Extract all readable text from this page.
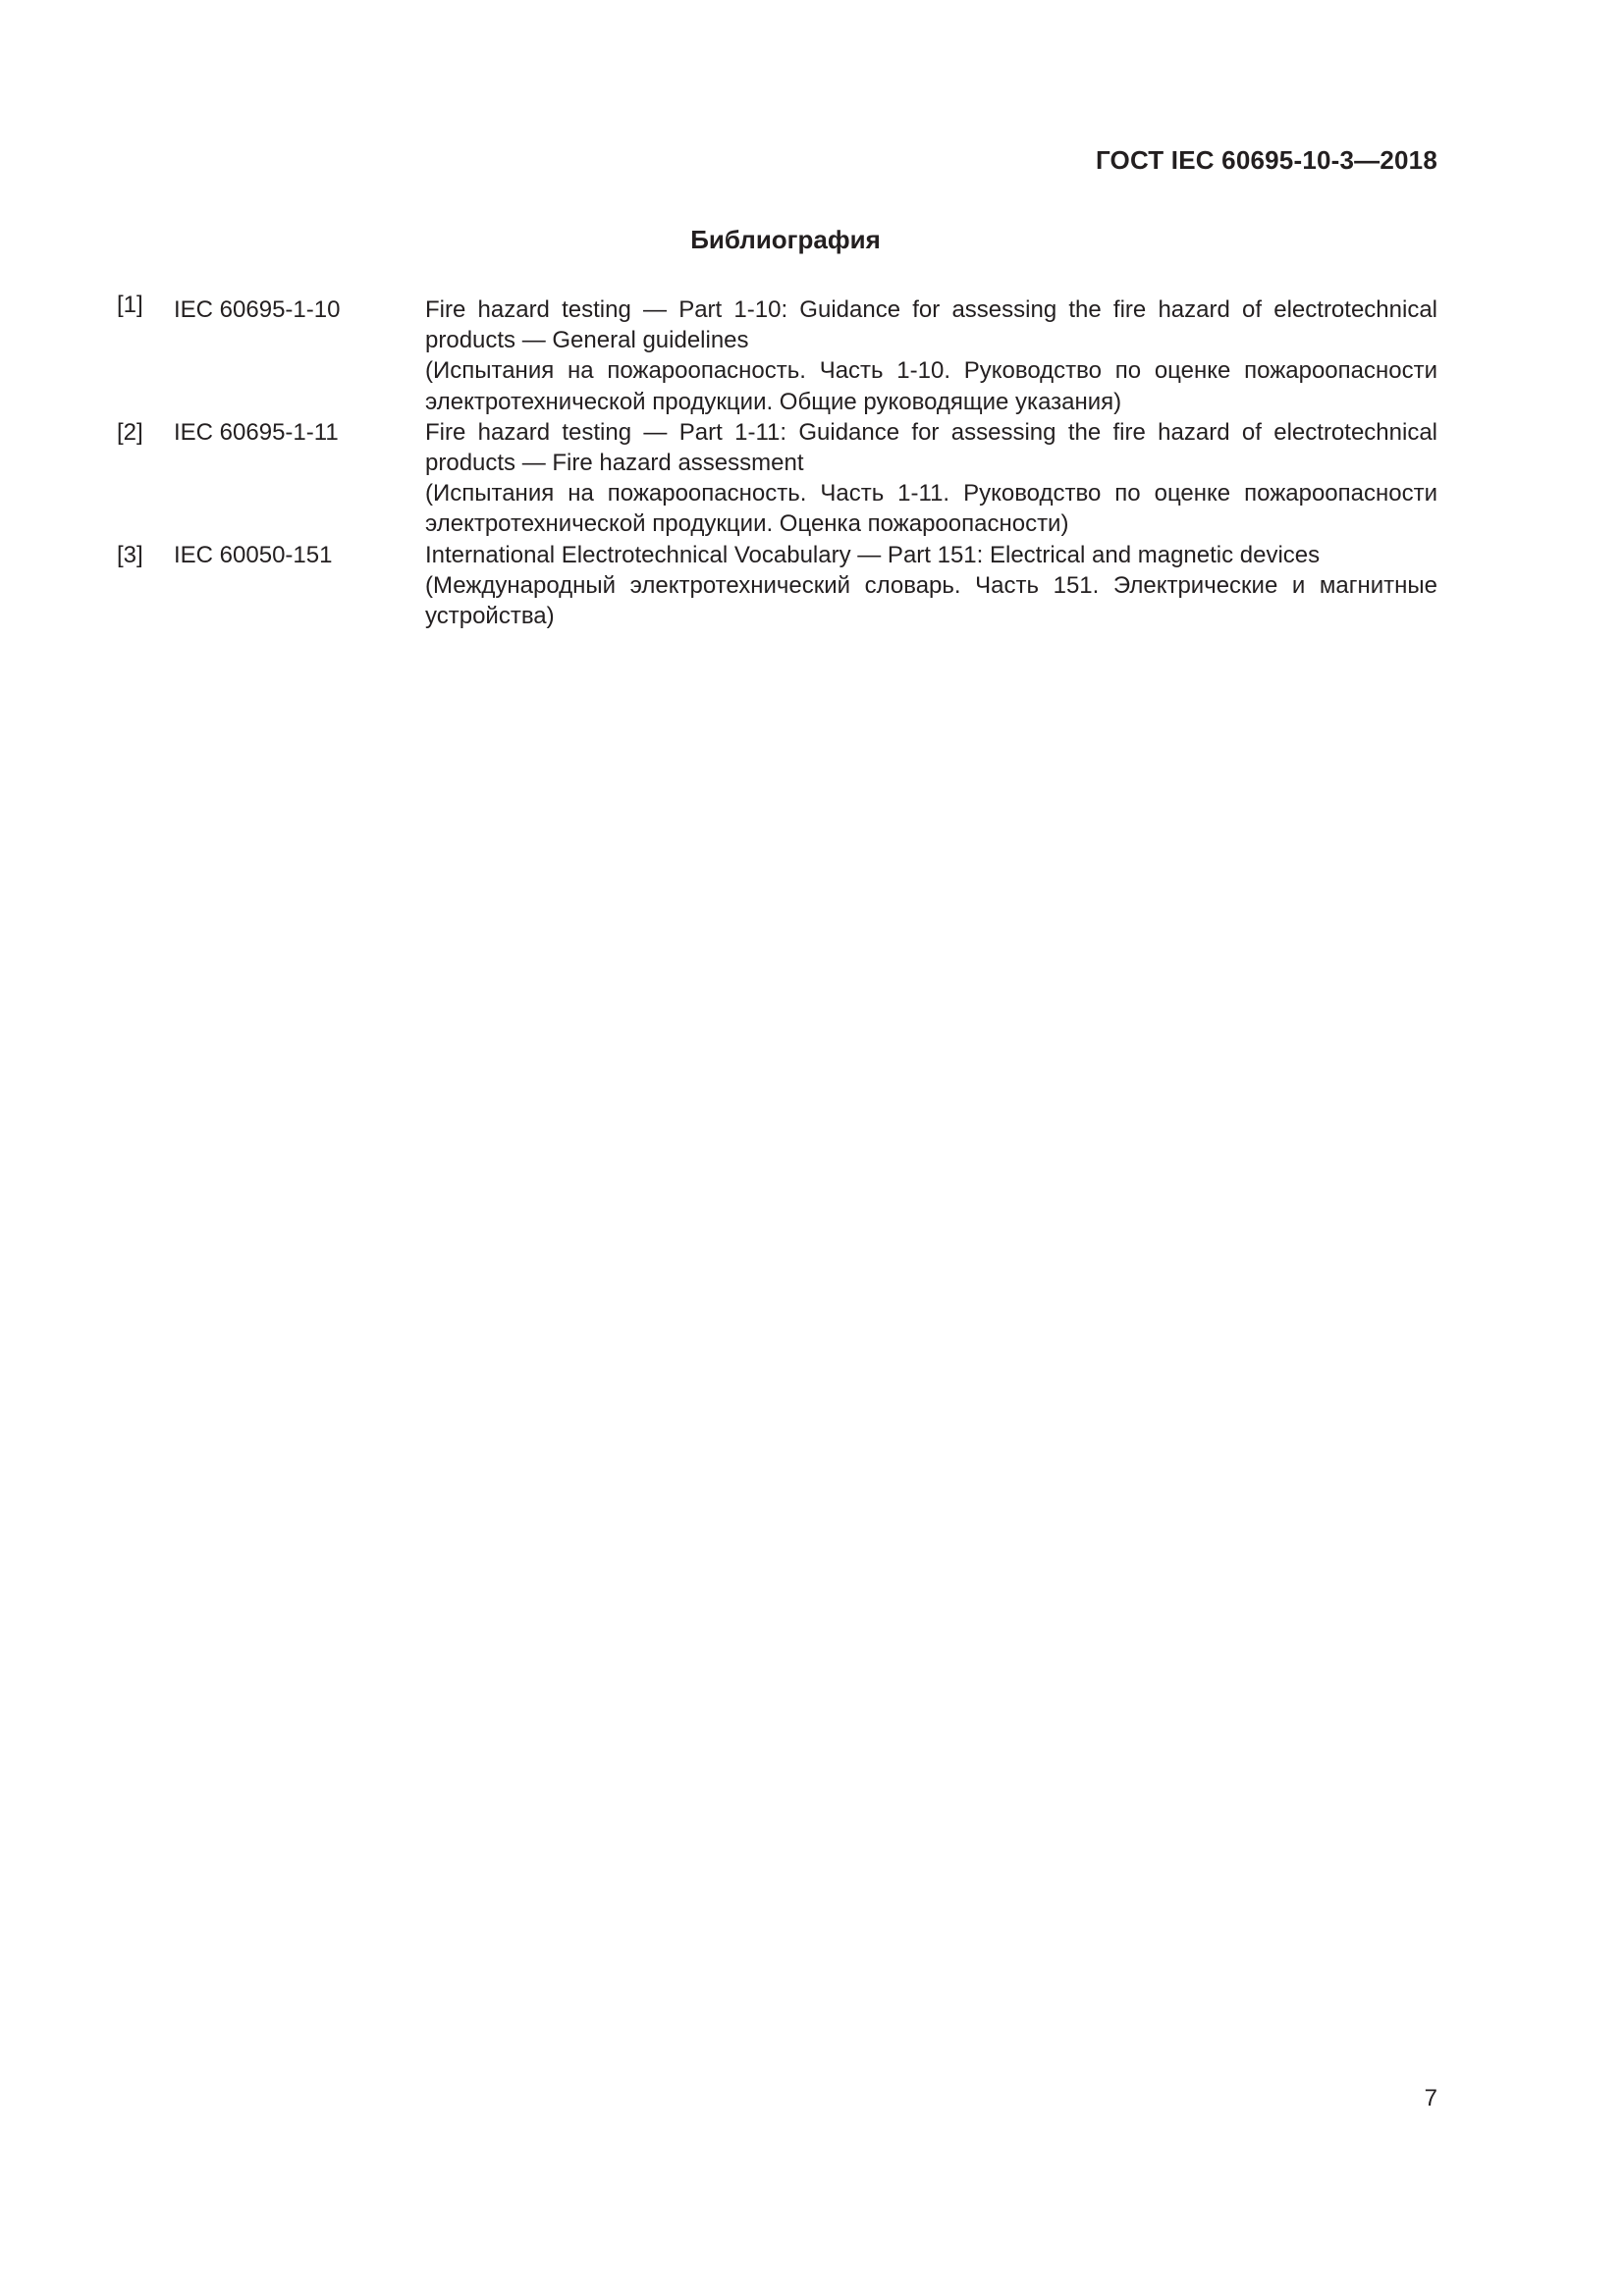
ГОСТ IEC 60695-10-3—2018
Библиография
[1] IEC 60695-1-10	Fire hazard testing — Part 1-10: Guidance for assessing the fire hazard of electrotechnical products — General guidelines

(Испытания на пожароопасность. Часть 1-10. Руководство по оценке пожароопасности электротехнической продукции. Общие руководящие указания)

[2] IEC 60695-1-11	Fire hazard testing — Part 1-11: Guidance for assessing the fire hazard of electrotechnical products — Fire hazard assessment

(Испытания на пожароопасность. Часть 1-11. Руководство по оценке пожароопасности электротехнической продукции. Оценка пожароопасности)

[3] IEC 60050-151	International Electrotechnical Vocabulary — Part 151: Electrical and magnetic devices

(Международный электротехнический словарь. Часть 151. Электрические и магнитные устройства)

7
